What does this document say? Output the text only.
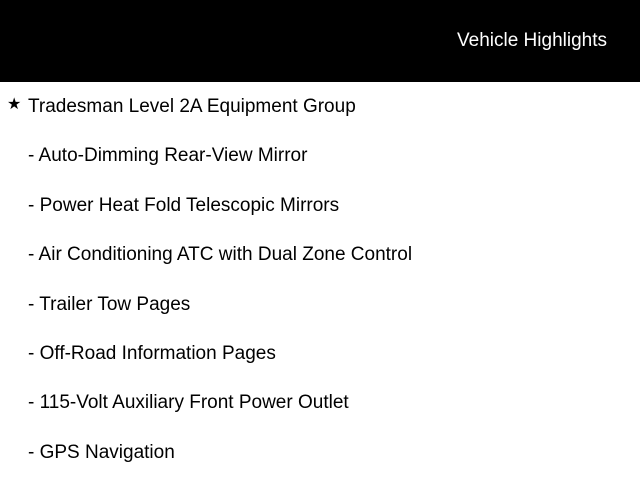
Vehicle Highlights
★ Tradesman Level 2A Equipment Group
- Auto-Dimming Rear-View Mirror
- Power Heat Fold Telescopic Mirrors
- Air Conditioning ATC with Dual Zone Control
- Trailer Tow Pages
- Off-Road Information Pages
- 115-Volt Auxiliary Front Power Outlet
- GPS Navigation
